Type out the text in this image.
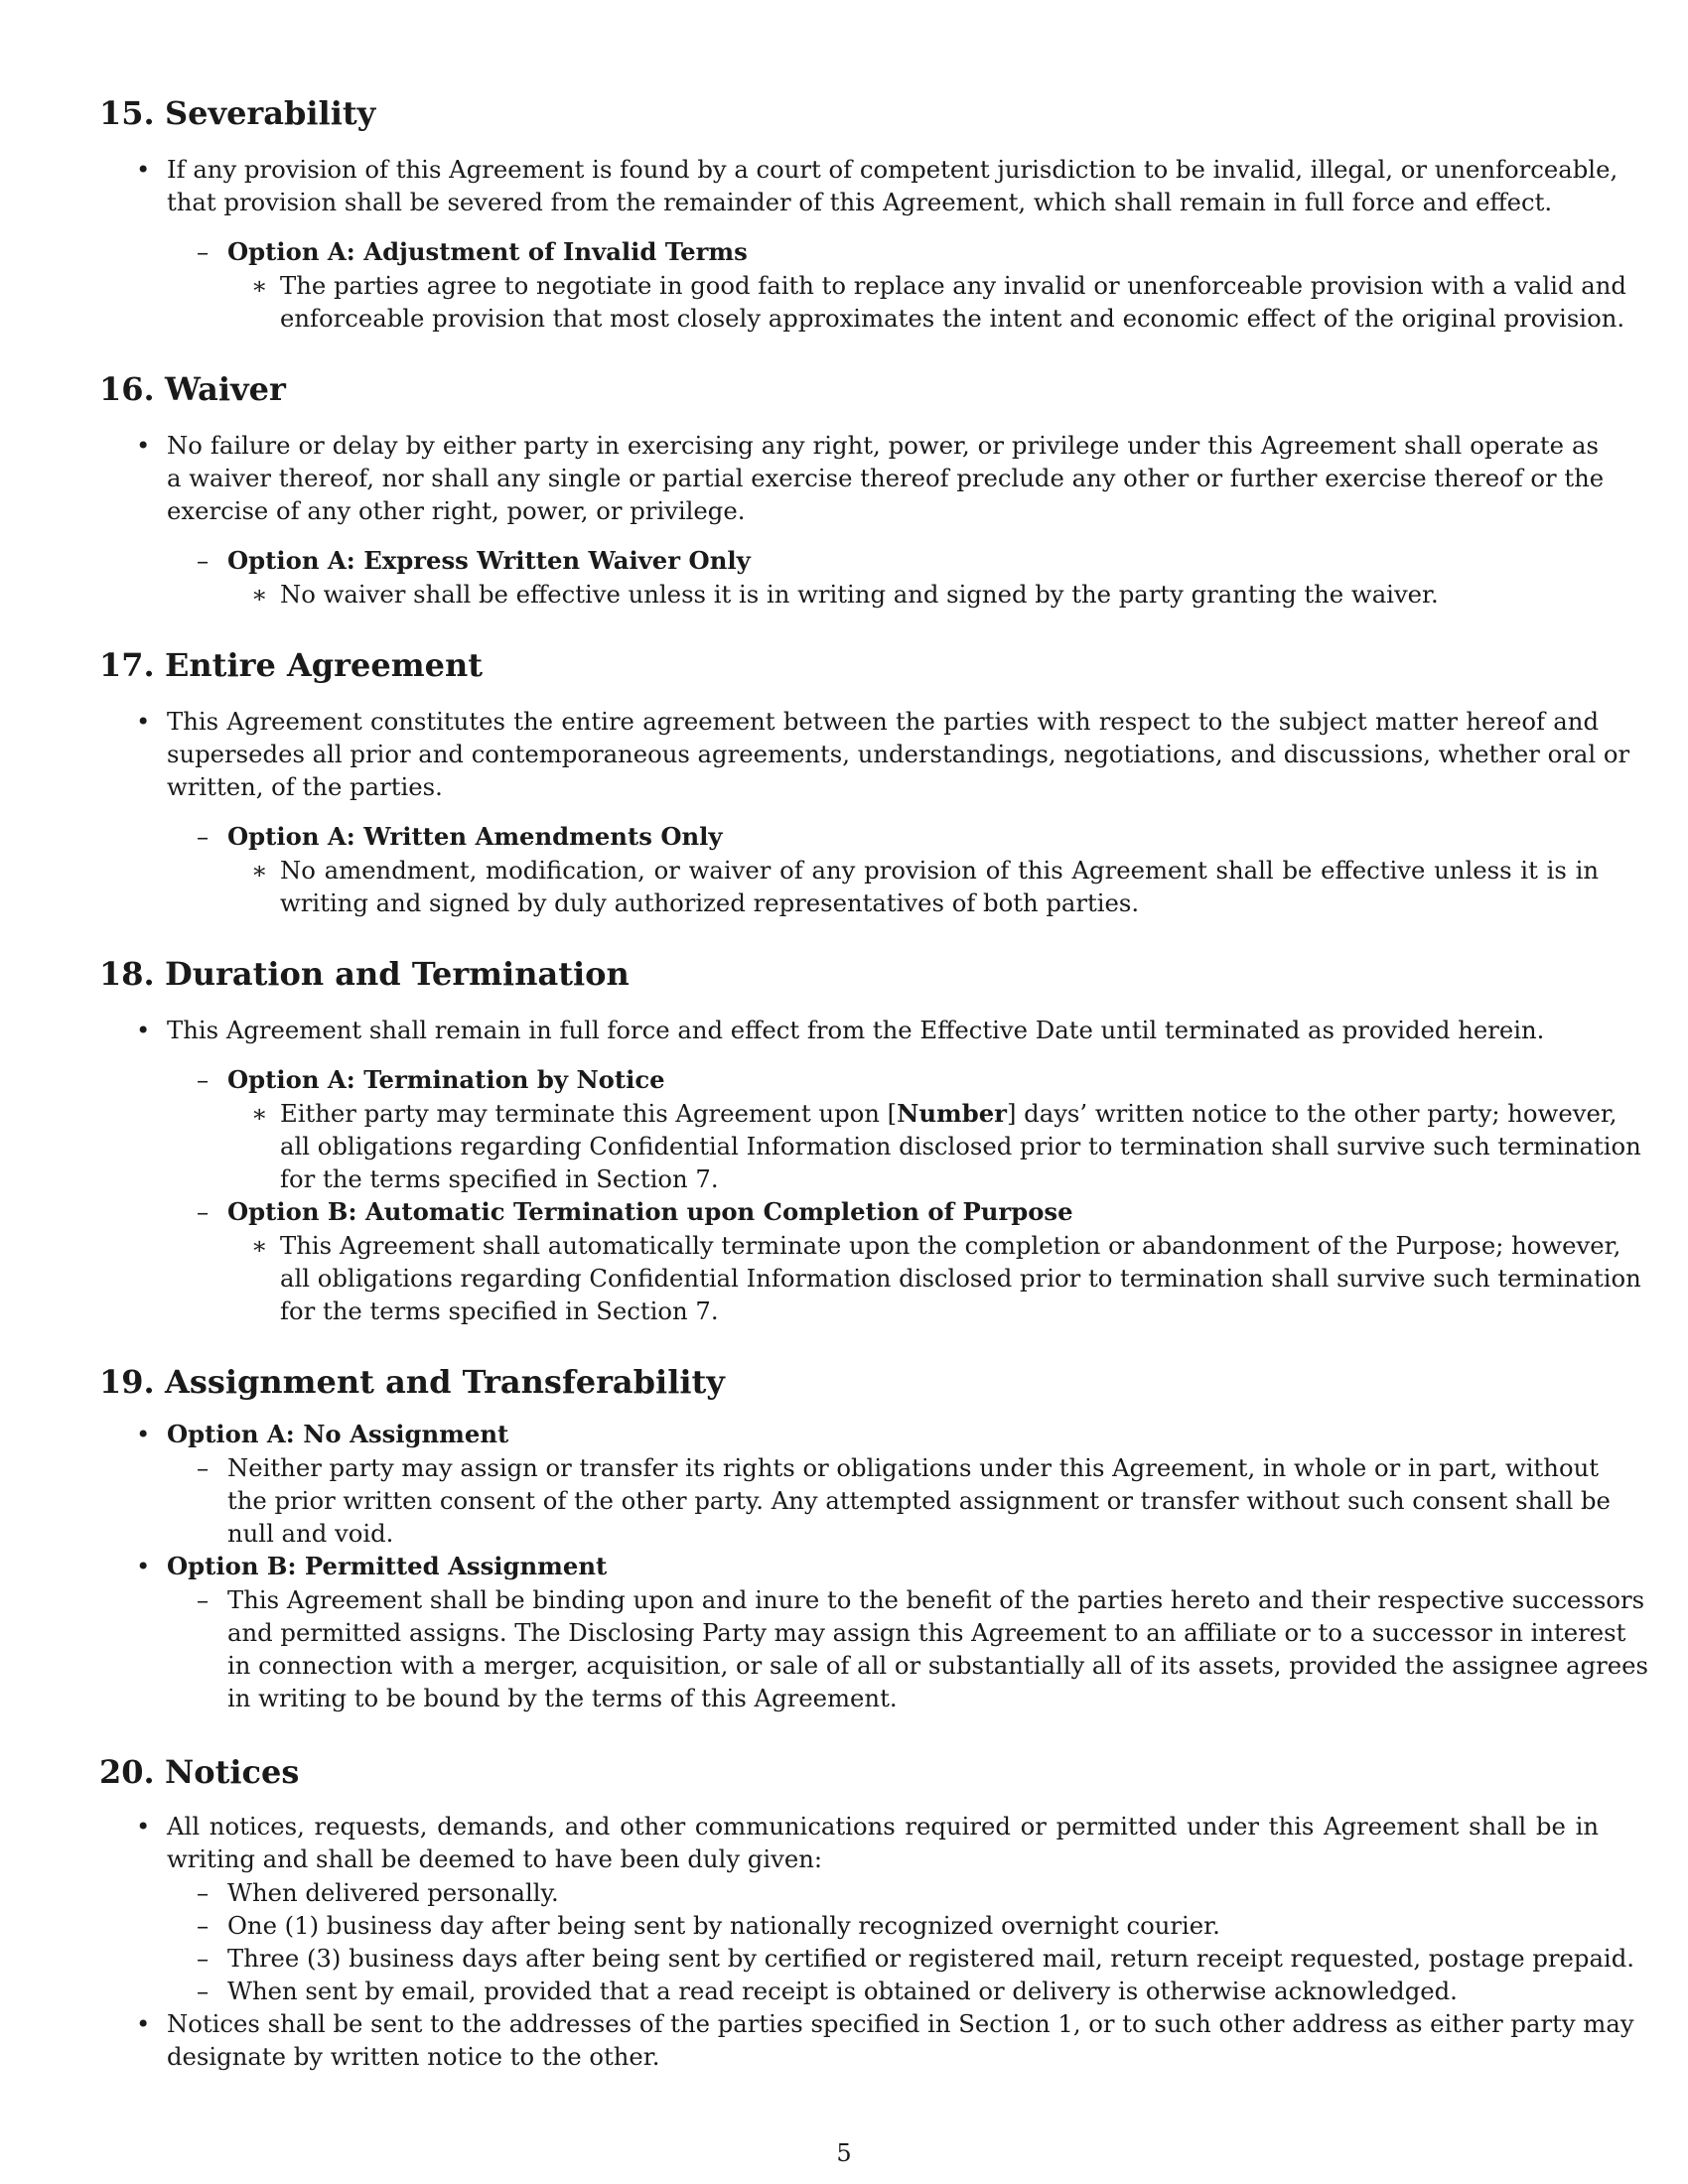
15. Severability
• If any provision of this Agreement is found by a court of competent jurisdiction to be invalid, illegal, or unenforceable,
that provision shall be severed from the remainder of this Agreement, which shall remain in full force and effect.
– Option A: Adjustment of Invalid Terms
∗ The parties agree to negotiate in good faith to replace any invalid or unenforceable provision with a valid and
enforceable provision that most closely approximates the intent and economic effect of the original provision.
16. Waiver
• No failure or delay by either party in exercising any right, power, or privilege under this Agreement shall operate as
a waiver thereof, nor shall any single or partial exercise thereof preclude any other or further exercise thereof or the
exercise of any other right, power, or privilege.
– Option A: Express Written Waiver Only
∗ No waiver shall be effective unless it is in writing and signed by the party granting the waiver.
17. Entire Agreement
• This Agreement constitutes the entire agreement between the parties with respect to the subject matter hereof and
supersedes all prior and contemporaneous agreements, understandings, negotiations, and discussions, whether oral or
written, of the parties.
– Option A: Written Amendments Only
∗ No amendment, modification, or waiver of any provision of this Agreement shall be effective unless it is in
writing and signed by duly authorized representatives of both parties.
18. Duration and Termination
• This Agreement shall remain in full force and effect from the Effective Date until terminated as provided herein.
– Option A: Termination by Notice
∗ Either party may terminate this Agreement upon [Number] days’ written notice to the other party; however,
all obligations regarding Confidential Information disclosed prior to termination shall survive such termination
for the terms specified in Section 7.
– Option B: Automatic Termination upon Completion of Purpose
∗ This Agreement shall automatically terminate upon the completion or abandonment of the Purpose; however,
all obligations regarding Confidential Information disclosed prior to termination shall survive such termination
for the terms specified in Section 7.
19. Assignment and Transferability
• Option A: No Assignment
– Neither party may assign or transfer its rights or obligations under this Agreement, in whole or in part, without
the prior written consent of the other party. Any attempted assignment or transfer without such consent shall be
null and void.
• Option B: Permitted Assignment
– This Agreement shall be binding upon and inure to the benefit of the parties hereto and their respective successors
and permitted assigns. The Disclosing Party may assign this Agreement to an affiliate or to a successor in interest
in connection with a merger, acquisition, or sale of all or substantially all of its assets, provided the assignee agrees
in writing to be bound by the terms of this Agreement.
20. Notices
• All notices, requests, demands, and other communications required or permitted under this Agreement shall be in
writing and shall be deemed to have been duly given:
– When delivered personally.
– One (1) business day after being sent by nationally recognized overnight courier.
– Three (3) business days after being sent by certified or registered mail, return receipt requested, postage prepaid.
– When sent by email, provided that a read receipt is obtained or delivery is otherwise acknowledged.
• Notices shall be sent to the addresses of the parties specified in Section 1, or to such other address as either party may
designate by written notice to the other.
5
